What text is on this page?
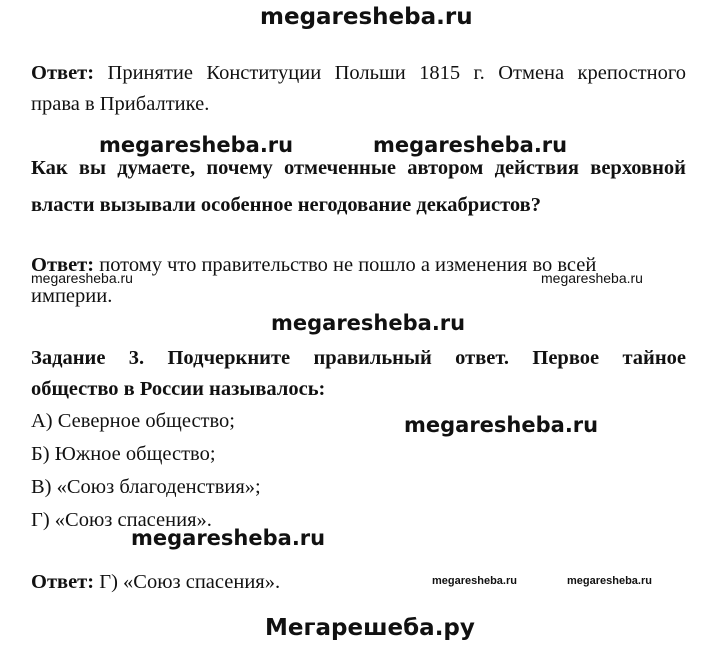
megaresheba.ru
Ответ: Принятие Конституции Польши 1815 г. Отмена крепостного
права в Прибалтике.
megaresheba.ru	megaresheba.ru
Как вы думаете, почему отмеченные автором действия верховной
власти вызывали особенное негодование декабристов?
Ответ: потому что правительство не пошло а изменения во всей
megaresheba.ru	megaresheba.ru
империи.
megaresheba.ru
Задание 3. Подчеркните правильный ответ. Первое тайное
общество в России называлось:
А) Северное общество;
Б) Южное общество;
megaresheba.ru
В) «Союз благоденствия»;
Г) «Союз спасения».
megaresheba.ru
Ответ: Г) «Союз спасения».	megaresheba.ru	megaresheba.ru
Мегарешеба.ру
